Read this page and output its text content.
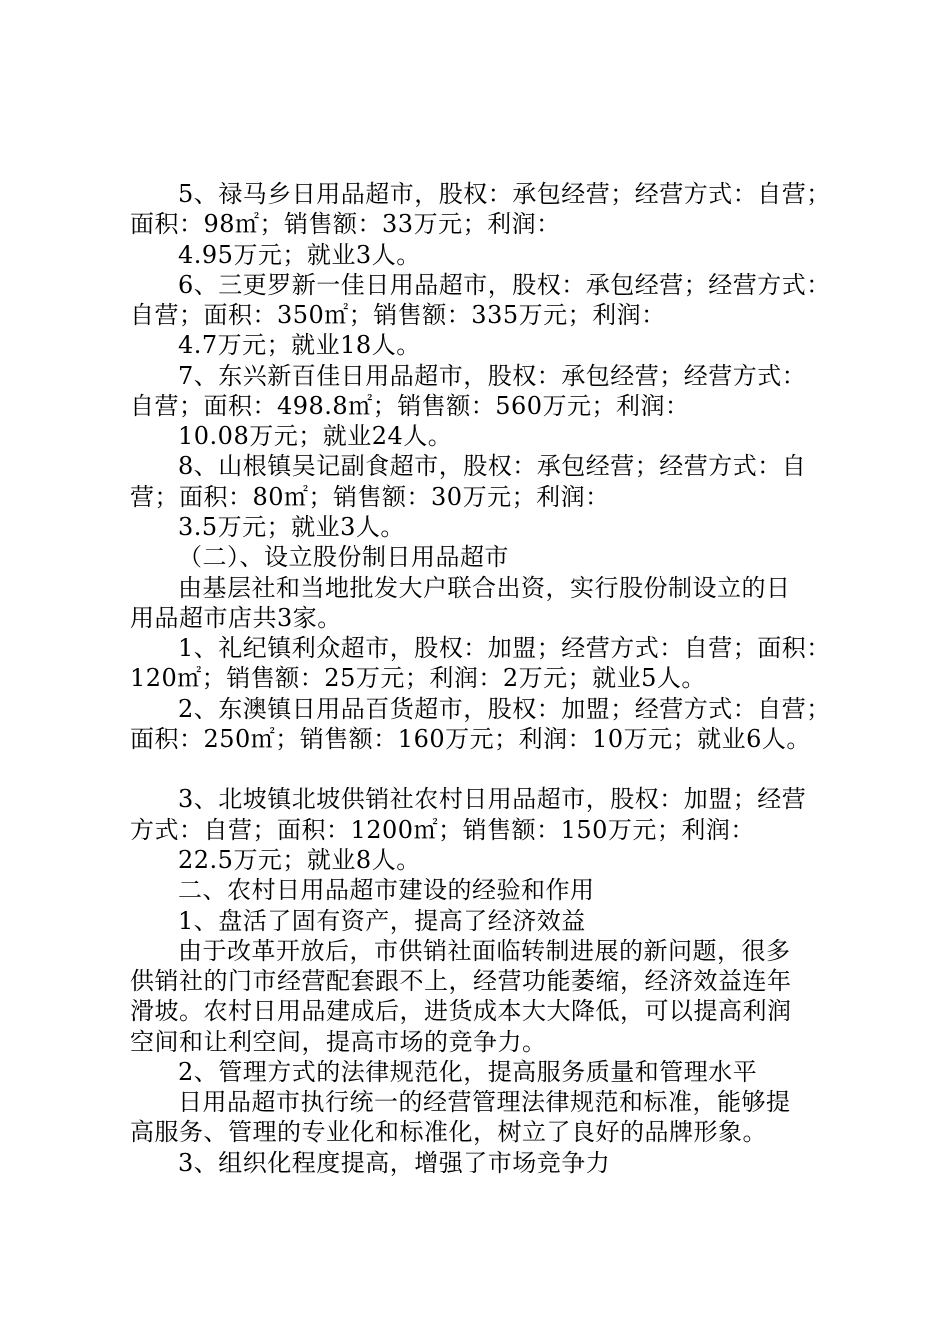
5、禄马乡日用品超市，股权：承包经营；经营方式：自营；
面积：98㎡；销售额：33万元；利润：
4.95万元；就业3人。
6、三更罗新一佳日用品超市，股权：承包经营；经营方式：
自营；面积：350㎡；销售额：335万元；利润：
4.7万元；就业18人。
7、东兴新百佳日用品超市，股权：承包经营；经营方式：
自营；面积：498.8㎡；销售额：560万元；利润：
10.08万元；就业24人。
8、山根镇吴记副食超市，股权：承包经营；经营方式：自
营；面积：80㎡；销售额：30万元；利润：
3.5万元；就业3人。
（二）、设立股份制日用品超市
由基层社和当地批发大户联合出资，实行股份制设立的日
用品超市店共3家。
1、礼纪镇利众超市，股权：加盟；经营方式：自营；面积：
120㎡；销售额：25万元；利润：2万元；就业5人。
2、东澳镇日用品百货超市，股权：加盟；经营方式：自营；
面积：250㎡；销售额：160万元；利润：10万元；就业6人。
3、北坡镇北坡供销社农村日用品超市，股权：加盟；经营
方式：自营；面积：1200㎡；销售额：150万元；利润：
22.5万元；就业8人。
二、农村日用品超市建设的经验和作用
1、盘活了固有资产，提高了经济效益
由于改革开放后，市供销社面临转制进展的新问题，很多
供销社的门市经营配套跟不上，经营功能萎缩，经济效益连年
滑坡。农村日用品建成后，进货成本大大降低，可以提高利润
空间和让利空间，提高市场的竞争力。
2、管理方式的法律规范化，提高服务质量和管理水平
日用品超市执行统一的经营管理法律规范和标准，能够提
高服务、管理的专业化和标准化，树立了良好的品牌形象。
3、组织化程度提高，增强了市场竞争力
